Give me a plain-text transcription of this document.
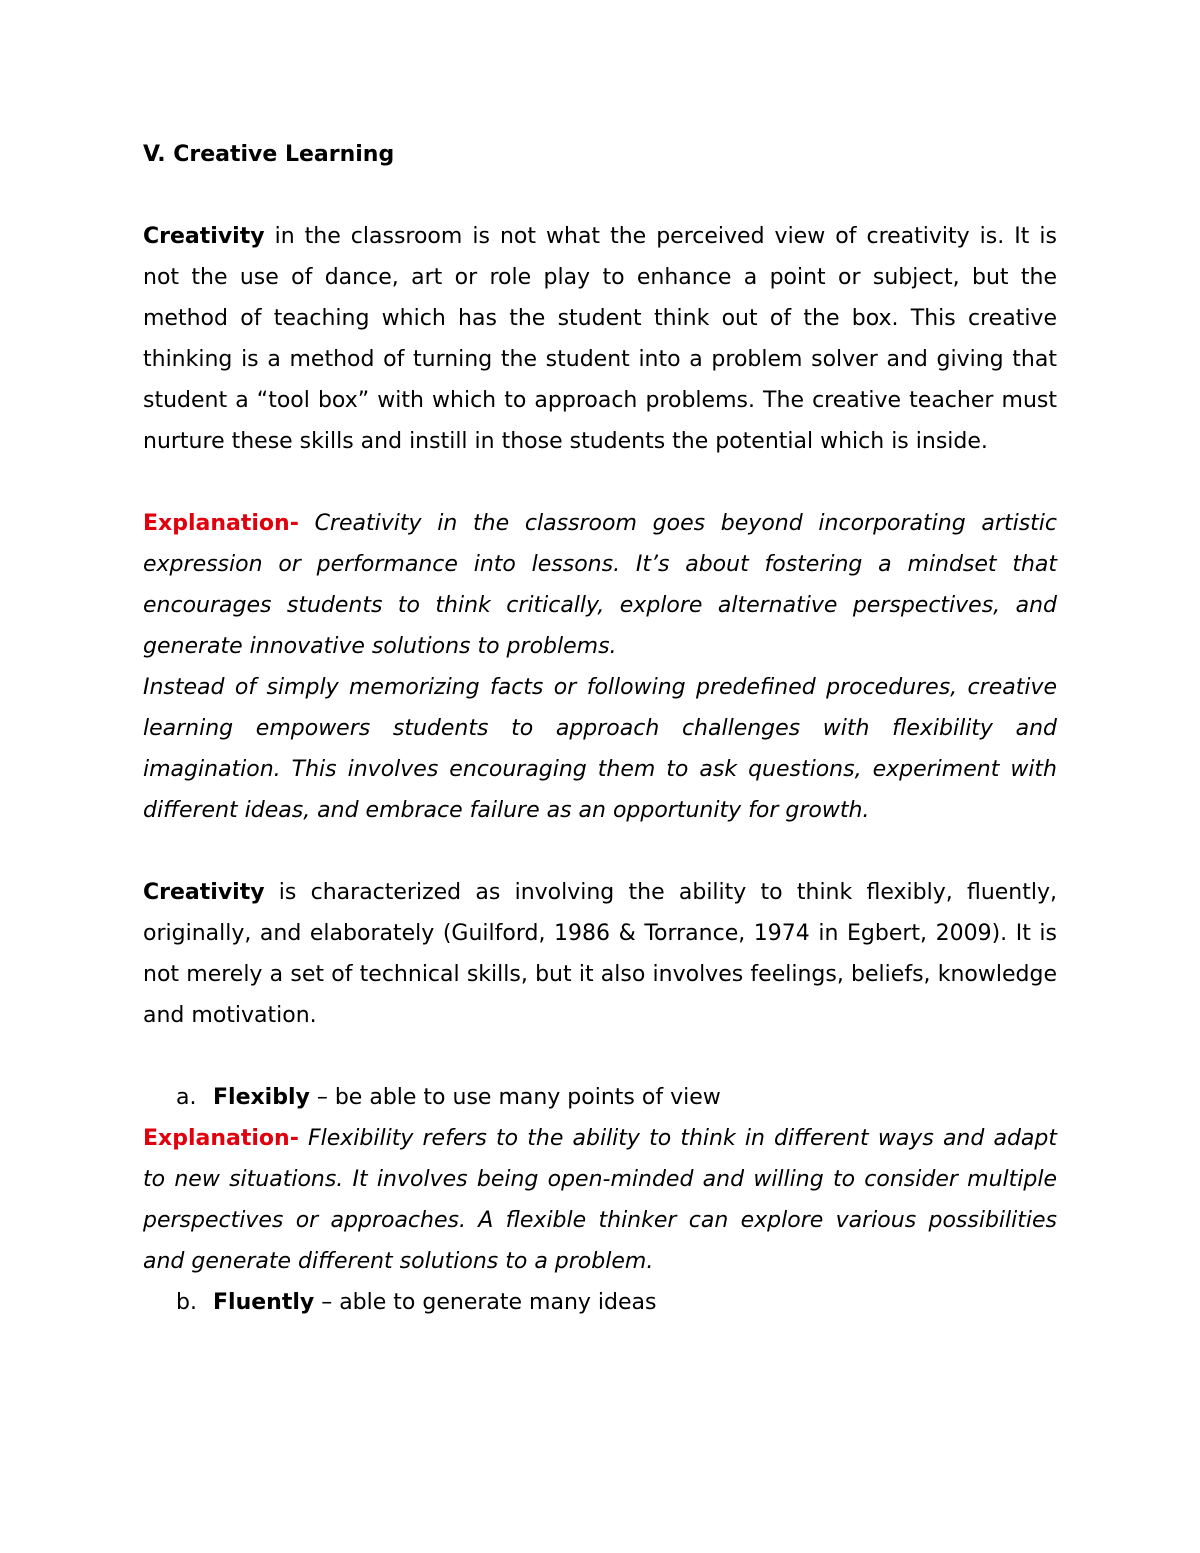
V. Creative Learning

Creativity in the classroom is not what the perceived view of creativity is. It is not the use of dance, art or role play to enhance a point or subject, but the method of teaching which has the student think out of the box. This creative thinking is a method of turning the student into a problem solver and giving that student a “tool box” with which to approach problems. The creative teacher must nurture these skills and instill in those students the potential which is inside.

Explanation- Creativity in the classroom goes beyond incorporating artistic expression or performance into lessons. It’s about fostering a mindset that encourages students to think critically, explore alternative perspectives, and generate innovative solutions to problems.

Instead of simply memorizing facts or following predefined procedures, creative learning empowers students to approach challenges with flexibility and imagination. This involves encouraging them to ask questions, experiment with different ideas, and embrace failure as an opportunity for growth.

Creativity is characterized as involving the ability to think flexibly, fluently, originally, and elaborately (Guilford, 1986 & Torrance, 1974 in Egbert, 2009). It is not merely a set of technical skills, but it also involves feelings, beliefs, knowledge and motivation.

a. Flexibly – be able to use many points of view

Explanation- Flexibility refers to the ability to think in different ways and adapt to new situations. It involves being open-minded and willing to consider multiple perspectives or approaches. A flexible thinker can explore various possibilities and generate different solutions to a problem.

b. Fluently – able to generate many ideas
